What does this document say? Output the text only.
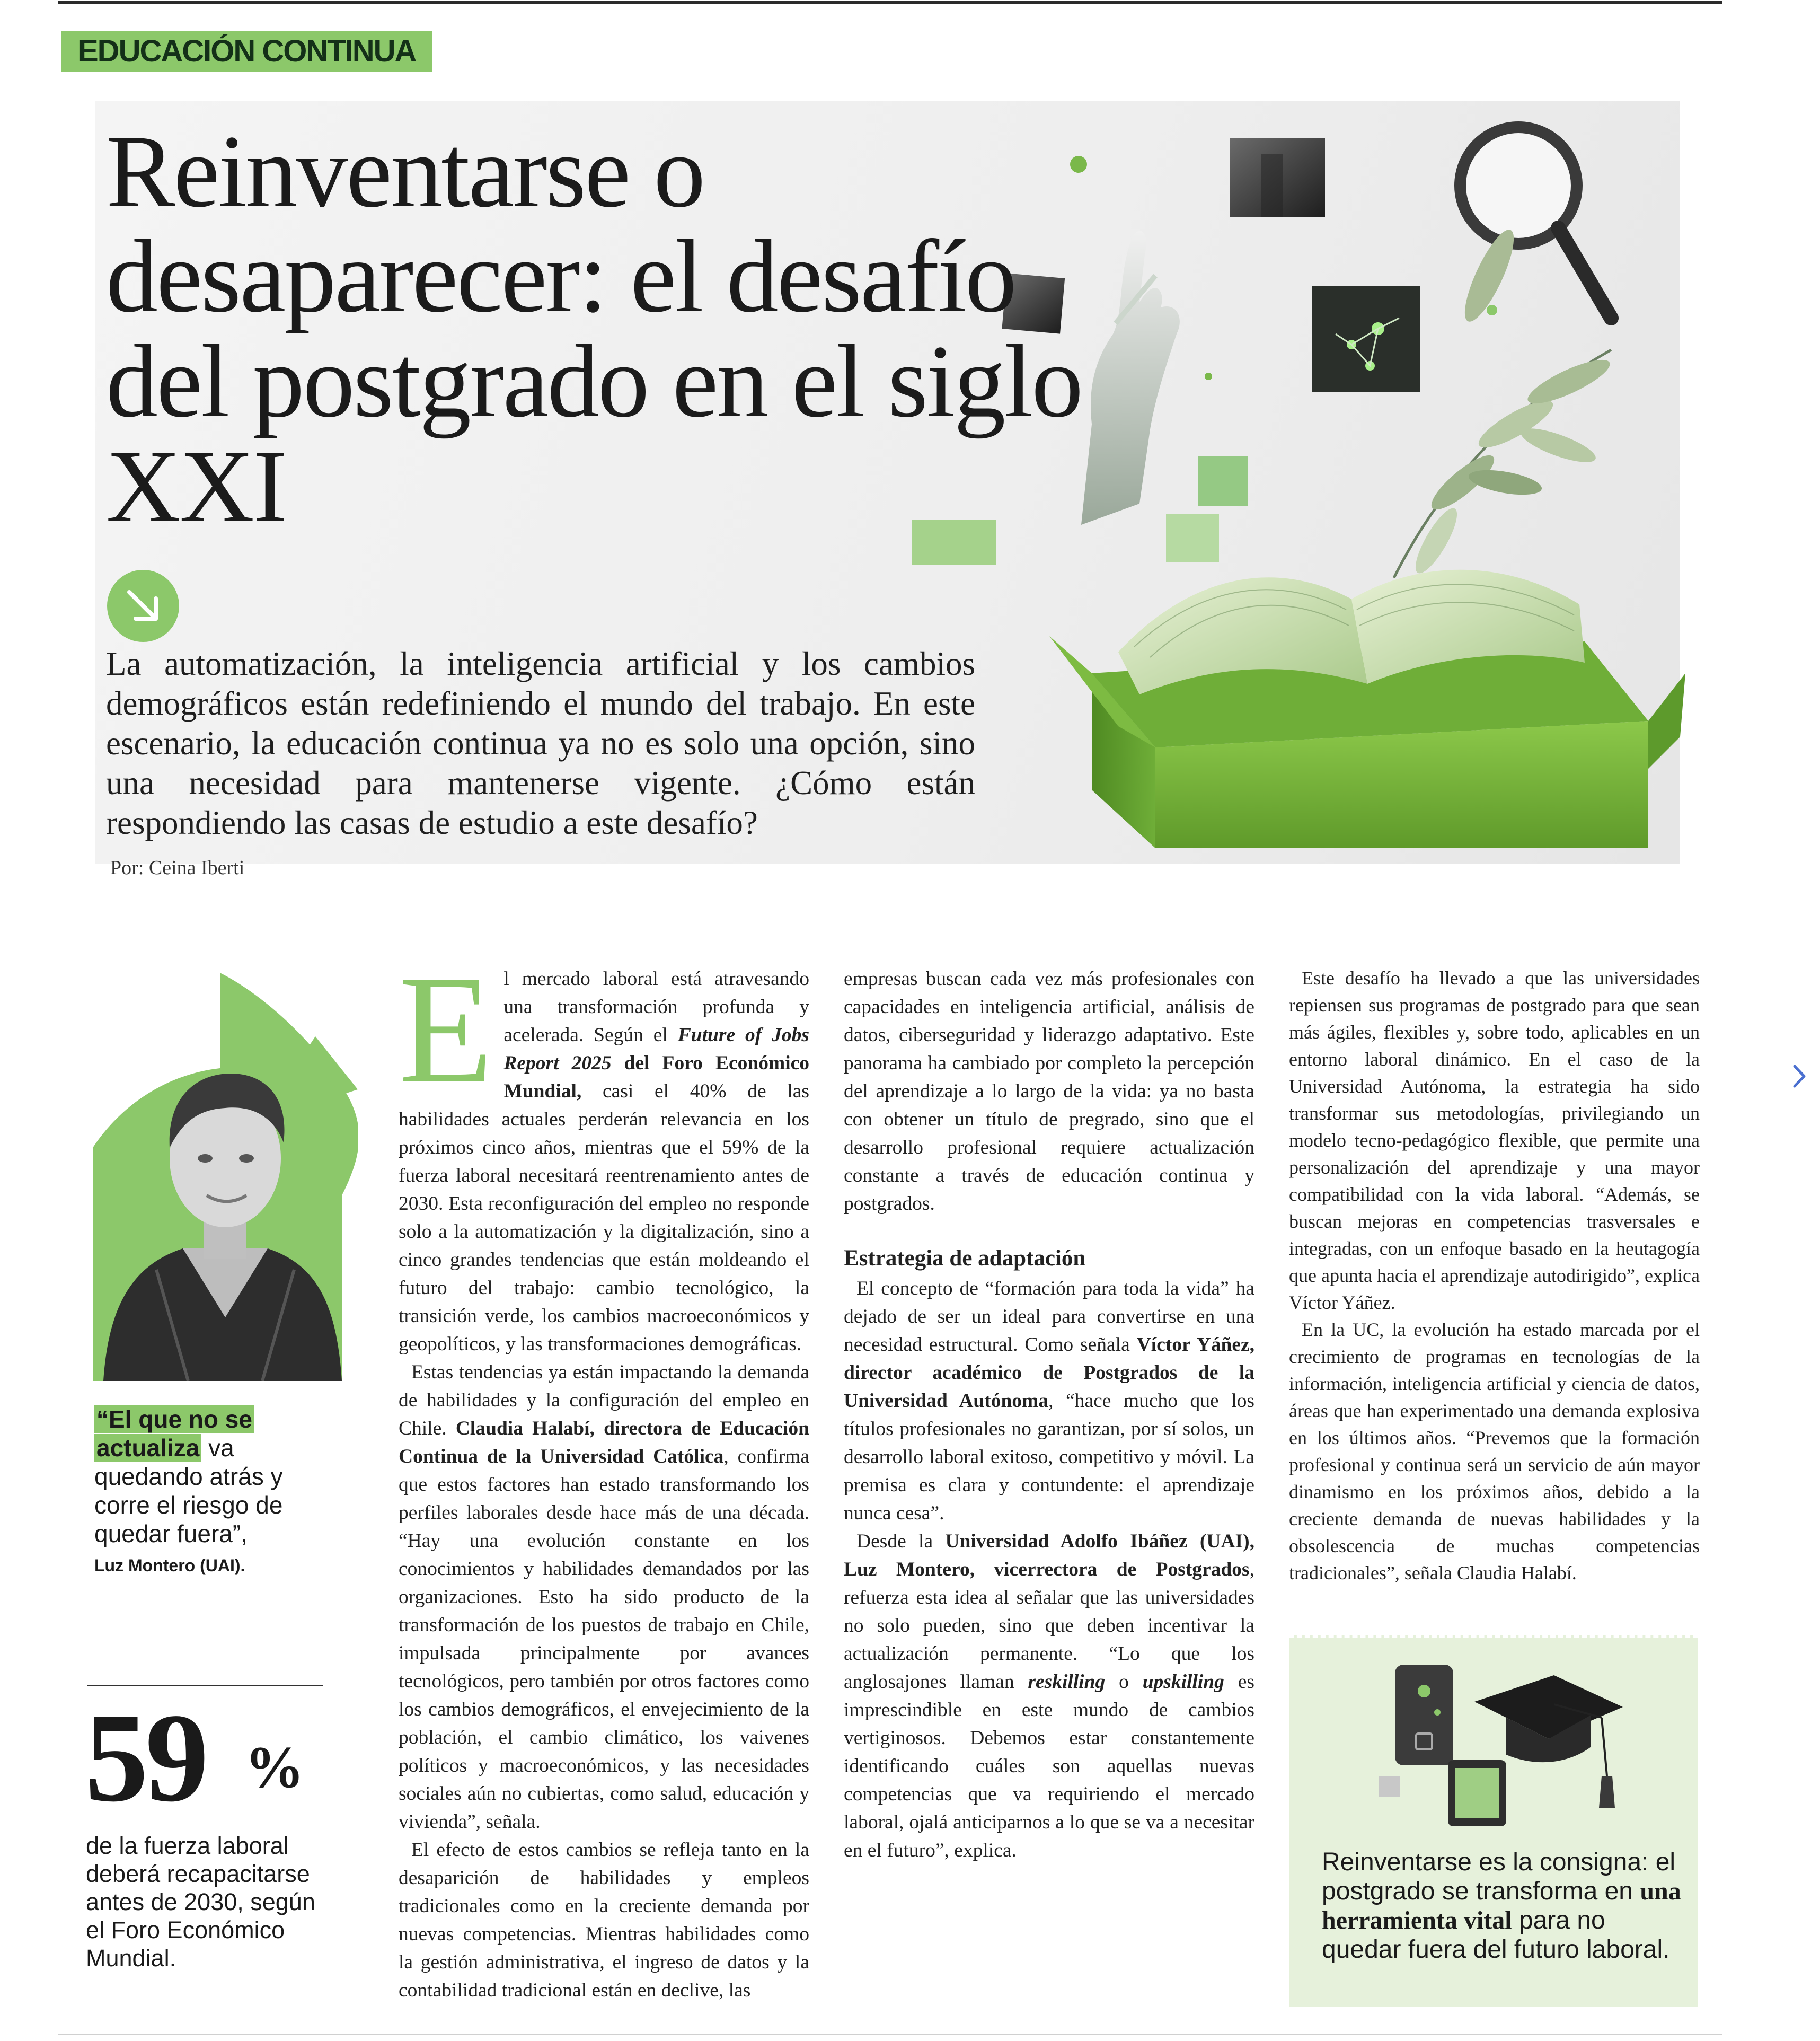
EDUCACIÓN CONTINUA
Reinventarse o desaparecer: el desafío del postgrado en el siglo XXI

La automatización, la inteligencia artificial y los cambios demográficos están redefiniendo el mundo del trabajo. En este escenario, la educación continua ya no es solo una opción, sino una necesidad para mantenerse vigente. ¿Cómo están respondiendo las casas de estudio a este desafío?

Por: Ceina Iberti
“El que no se
actualiza va quedando atrás y corre el riesgo de quedar fuera”,
Luz Montero (UAI).
59 %

de la fuerza laboral deberá recapacitarse antes de 2030, según el Foro Económico Mundial.

El mercado laboral está atravesando una transformación profunda y acelerada. Según el Future of Jobs Report 2025 del Foro Económico Mundial, casi el 40% de las habilidades actuales perderán relevancia en los próximos cinco años, mientras que el 59% de la fuerza laboral necesitará reentrenamiento antes de 2030. Esta reconfiguración del empleo no responde solo a la automatización y la digitalización, sino a cinco grandes tendencias que están moldeando el futuro del trabajo: cambio tecnológico, la transición verde, los cambios macroeconómicos y geopolíticos, y las transformaciones demográficas.

Estas tendencias ya están impactando la demanda de habilidades y la configuración del empleo en Chile. Claudia Halabí, directora de Educación Continua de la Universidad Católica, confirma que estos factores han estado transformando los perfiles laborales desde hace más de una década. “Hay una evolución constante en los conocimientos y habilidades demandados por las organizaciones. Esto ha sido producto de la transformación de los puestos de trabajo en Chile, impulsada principalmente por avances tecnológicos, pero también por otros factores como los cambios demográficos, el envejecimiento de la población, el cambio climático, los vaivenes políticos y macroeconómicos, y las necesidades sociales aún no cubiertas, como salud, educación y vivienda”, señala.

El efecto de estos cambios se refleja tanto en la desaparición de habilidades y empleos tradicionales como en la creciente demanda por nuevas competencias. Mientras habilidades como la gestión administrativa, el ingreso de datos y la contabilidad tradicional están en declive, las

empresas buscan cada vez más profesionales con capacidades en inteligencia artificial, análisis de datos, ciberseguridad y liderazgo adaptativo. Este panorama ha cambiado por completo la percepción del aprendizaje a lo largo de la vida: ya no basta con obtener un título de pregrado, sino que el desarrollo profesional requiere actualización constante a través de educación continua y postgrados.

Estrategia de adaptación

El concepto de “formación para toda la vida” ha dejado de ser un ideal para convertirse en una necesidad estructural. Como señala Víctor Yáñez, director académico de Postgrados de la Universidad Autónoma, “hace mucho que los títulos profesionales no garantizan, por sí solos, un desarrollo laboral exitoso, competitivo y móvil. La premisa es clara y contundente: el aprendizaje nunca cesa”.

Desde la Universidad Adolfo Ibáñez (UAI), Luz Montero, vicerrectora de Postgrados, refuerza esta idea al señalar que las universidades no solo pueden, sino que deben incentivar la actualización permanente. “Lo que los anglosajones llaman reskilling o upskilling es imprescindible en este mundo de cambios vertiginosos. Debemos estar constantemente identificando cuáles son aquellas nuevas competencias que va requiriendo el mercado laboral, ojalá anticiparnos a lo que se va a necesitar en el futuro”, explica.

Este desafío ha llevado a que las universidades repiensen sus programas de postgrado para que sean más ágiles, flexibles y, sobre todo, aplicables en un entorno laboral dinámico. En el caso de la Universidad Autónoma, la estrategia ha sido transformar sus metodologías, privilegiando un modelo tecno-pedagógico flexible, que permite una personalización del aprendizaje y una mayor compatibilidad con la vida laboral. “Además, se buscan mejoras en competencias trasversales e integradas, con un enfoque basado en la heutagogía que apunta hacia el aprendizaje autodirigido”, explica Víctor Yáñez.

En la UC, la evolución ha estado marcada por el crecimiento de programas en tecnologías de la información, inteligencia artificial y ciencia de datos, áreas que han experimentado una demanda explosiva en los últimos años. “Prevemos que la formación profesional y continua será un servicio de aún mayor dinamismo en los próximos años, debido a la creciente demanda de nuevas habilidades y la obsolescencia de muchas competencias tradicionales”, señala Claudia Halabí.

Reinventarse es la consigna: el postgrado se transforma en una herramienta vital para no quedar fuera del futuro laboral.
